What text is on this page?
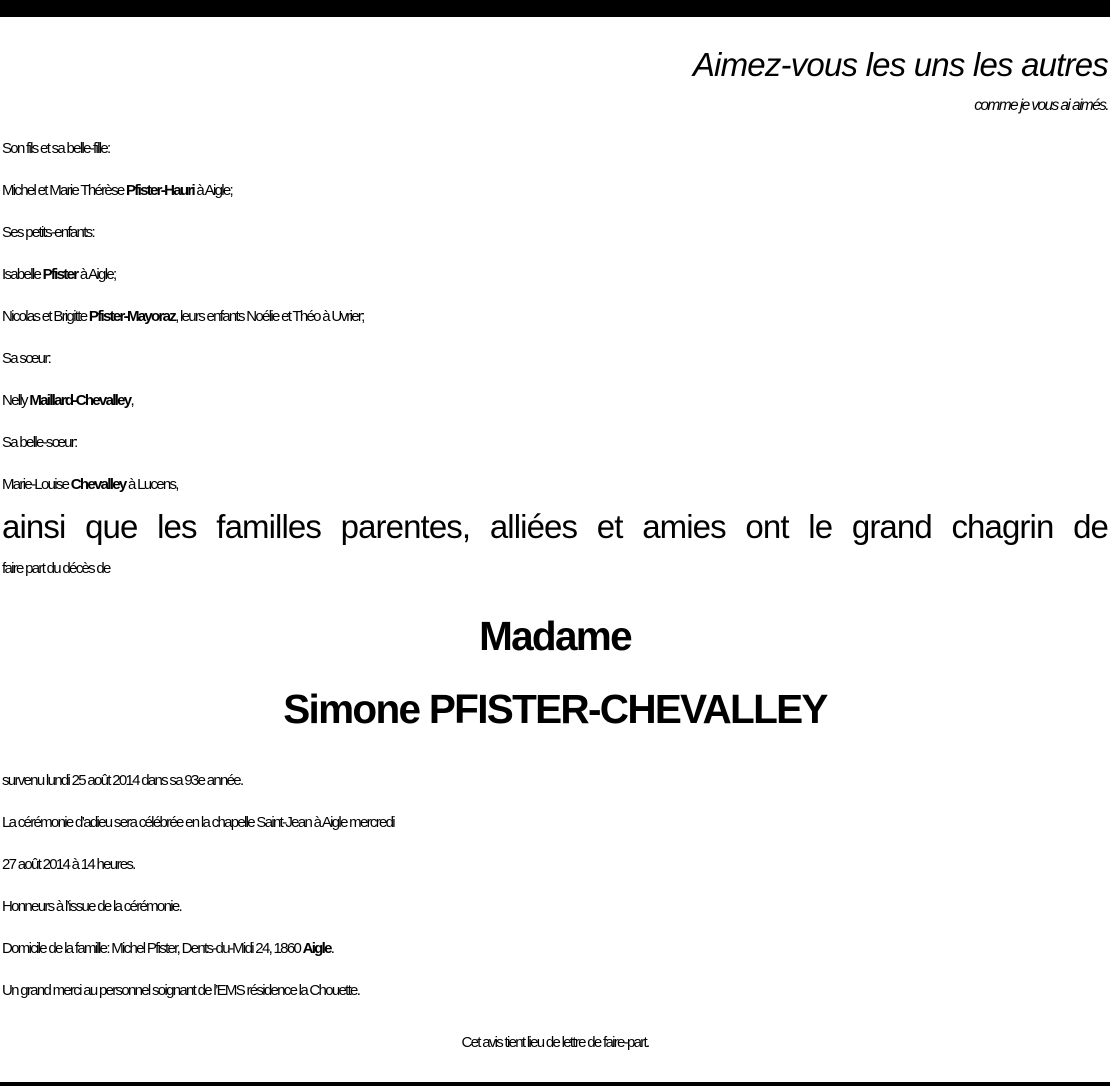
Aimez-vous les uns les autres
comme je vous ai aimés.
Son fils et sa belle-fille:
Michel et Marie Thérèse Pfister-Hauri à Aigle;
Ses petits-enfants:
Isabelle Pfister à Aigle;
Nicolas et Brigitte Pfister-Mayoraz, leurs enfants Noélie et Théo à Uvrier;
Sa sœur:
Nelly Maillard-Chevalley,
Sa belle-sœur:
Marie-Louise Chevalley à Lucens,
ainsi que les familles parentes, alliées et amies ont le grand chagrin de
faire part du décès de
Madame
Simone PFISTER-CHEVALLEY
survenu lundi 25 août 2014 dans sa 93e année.
La cérémonie d’adieu sera célébrée en la chapelle Saint-Jean à Aigle mercredi
27 août 2014 à 14 heures.
Honneurs à l’issue de la cérémonie.
Domicile de la famille: Michel Pfister, Dents-du-Midi 24, 1860 Aigle.
Un grand merci au personnel soignant de l’EMS résidence la Chouette.
Cet avis tient lieu de lettre de faire-part.
